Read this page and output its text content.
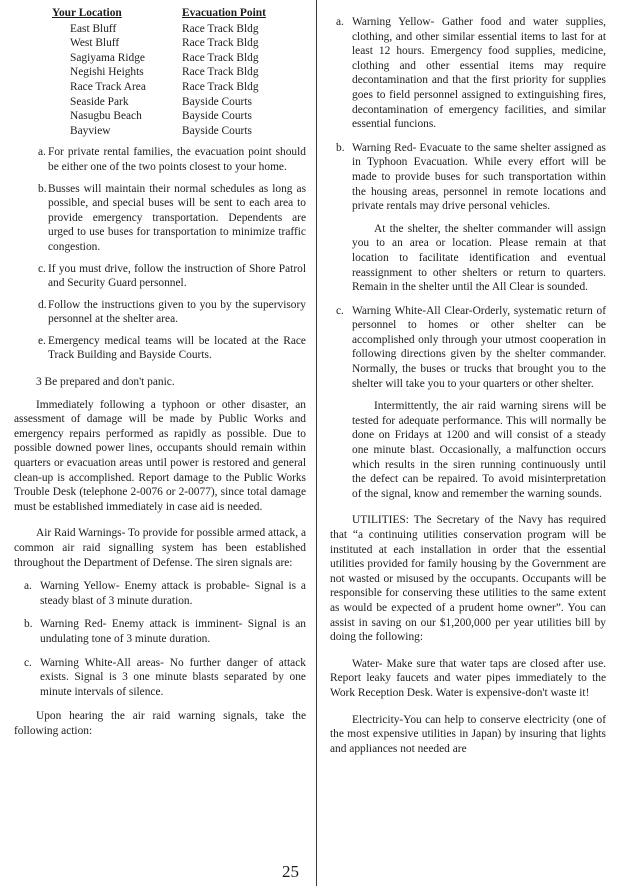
Your Location	Evacuation Point
East Bluff	Race Track Bldg
West Bluff	Race Track Bldg
Sagiyama Ridge	Race Track Bldg
Negishi Heights	Race Track Bldg
Race Track Area	Race Track Bldg
Seaside Park	Bayside Courts
Nasugbu Beach	Bayside Courts
Bayview	Bayside Courts
a. For private rental families, the evacuation point should be either one of the two points closest to your home.
b. Busses will maintain their normal schedules as long as possible, and special buses will be sent to each area to provide emergency transportation. Dependents are urged to use buses for transportation to minimize traffic congestion.
c. If you must drive, follow the instruction of Shore Patrol and Security Guard personnel.
d. Follow the instructions given to you by the supervisory personnel at the shelter area.
e. Emergency medical teams will be located at the Race Track Building and Bayside Courts.

3 Be prepared and don't panic.

Immediately following a typhoon or other disaster, an assessment of damage will be made by Public Works and emergency repairs performed as rapidly as possible. Due to possible downed power lines, occupants should remain within quarters or evacuation areas until power is restored and general clean-up is accomplished. Report damage to the Public Works Trouble Desk (telephone 2-0076 or 2-0077), since total damage must be established immediately in case aid is needed.

Air Raid Warnings- To provide for possible armed attack, a common air raid signalling system has been established throughout the Department of Defense. The siren signals are:

a. Warning Yellow- Enemy attack is probable- Signal is a steady blast of 3 minute duration.
b. Warning Red- Enemy attack is imminent- Signal is an undulating tone of 3 minute duration.
c. Warning White-All areas- No further danger of attack exists. Signal is 3 one minute blasts separated by one minute intervals of silence.

Upon hearing the air raid warning signals, take the following action:

25
a. Warning Yellow- Gather food and water supplies, clothing, and other similar essential items to last for at least 12 hours. Emergency food supplies, medicine, clothing and other essential items may require decontamination and that the first priority for supplies goes to field personnel assigned to extinguishing fires, decontamination of emergency facilities, and similar essential funcions.
b. Warning Red- Evacuate to the same shelter assigned as in Typhoon Evacuation. While every effort will be made to provide buses for such transportation within the housing areas, personnel in remote locations and private rentals may drive personal vehicles.

At the shelter, the shelter commander will assign you to an area or location. Please remain at that location to facilitate identification and eventual reassignment to other shelters or return to quarters. Remain in the shelter until the All Clear is sounded.

c. Warning White-All Clear-Orderly, systematic return of personnel to homes or other shelter can be accomplished only through your utmost cooperation in following directions given by the shelter commander. Normally, the buses or trucks that brought you to the shelter will take you to your quarters or other shelter.

Intermittently, the air raid warning sirens will be tested for adequate performance. This will normally be done on Fridays at 1200 and will consist of a steady one minute blast. Occasionally, a malfunction occurs which results in the siren running continuously until the defect can be repaired. To avoid misinterpretation of the signal, know and remember the warning sounds.

UTILITIES: The Secretary of the Navy has required that “a continuing utilities conservation program will be instituted at each installation in order that the essential utilities provided for family housing by the Government are not wasted or misused by the occupants. Occupants will be responsible for conserving these utilities to the same extent as would be expected of a prudent home owner”. You can assist in saving on our $1,200,000 per year utilities bill by doing the following:

Water- Make sure that water taps are closed after use. Report leaky faucets and water pipes immediately to the Work Reception Desk. Water is expensive-don't waste it!

Electricity-You can help to conserve electricity (one of the most expensive utilities in Japan) by insuring that lights and appliances not needed are
